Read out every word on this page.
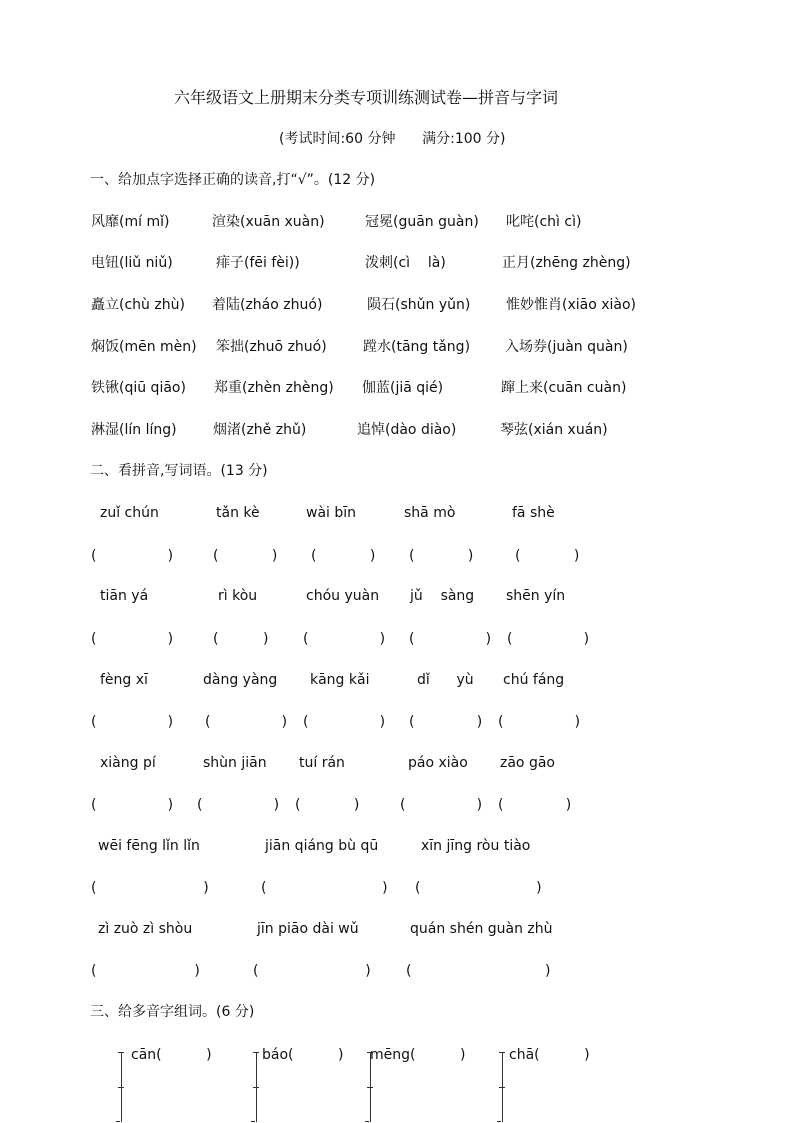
六年级语文上册期末分类专项训练测试卷—拼音与字词
(考试时间:60 分钟      满分:100 分)
一、给加点字选择正确的读音,打“√”。(12 分)
风靡(mí mǐ)	渲染(xuān xuàn)	冠冕(guān guàn) 叱咤(chì cì)
电钮(liǔ niǔ)	痱子(fēi fèi))	泼刺(cì    là)	正月(zhēng zhèng)
矗立(chù zhù) 着陆(zháo zhuó)	陨石(shǔn yǔn)	惟妙惟肖(xiāo xiào)
焖饭(mēn mèn) 笨拙(zhuō zhuó)	蹚水(tāng tǎng) 入场券(juàn quàn)
铁锹(qiū qiāo) 郑重(zhèn zhèng) 伽蓝(jiā qié)	蹿上来(cuān cuàn)
淋湿(lín líng)	烟渚(zhě zhǔ)	追悼(dào diào)	琴弦(xián xuán)
二、看拼音,写词语。(13 分)
zuǐ chún	tǎn kè	wài bīn	shā mò	fā shè
(                )	(            ) (            ) (            )	(            )
tiān yá	rì kòu	chóu yuàn jǔ    sàng shēn yín
(                )	(          ) (                ) (                ) (                )
fèng xī	dàng yàng kāng kǎi	dǐ      yù chú fáng
(                ) (                ) (                ) (              ) (                )
xiàng pí	shùn jiān tuí rán	páo xiào zāo gāo
(                ) (                ) (            )	(                ) (              )
wēi fēng lǐn lǐn	jiān qiáng bù qū	xīn jīng ròu tiào
(                        )	(                          ) (                          )
zì zuò zì shòu	jīn piāo dài wǔ	quán shén guàn zhù
(                      )	(                        )	(                              )
三、给多音字组词。(6 分)
cān(          )	báo(          ) mēng(          )	chā(          )
